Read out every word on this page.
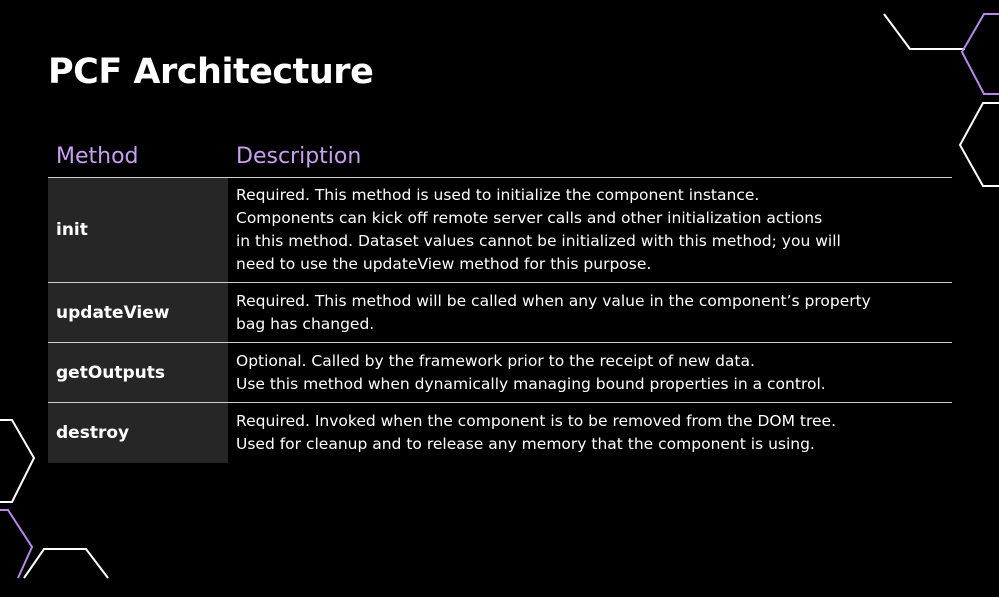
PCF Architecture
Method	Description
init	Required. This method is used to initialize the component instance.
Components can kick off remote server calls and other initialization actions
in this method. Dataset values cannot be initialized with this method; you will
need to use the updateView method for this purpose.
updateView	Required. This method will be called when any value in the component’s property
bag has changed.
getOutputs	Optional. Called by the framework prior to the receipt of new data.
Use this method when dynamically managing bound properties in a control.
destroy	Required. Invoked when the component is to be removed from the DOM tree.
Used for cleanup and to release any memory that the component is using.
